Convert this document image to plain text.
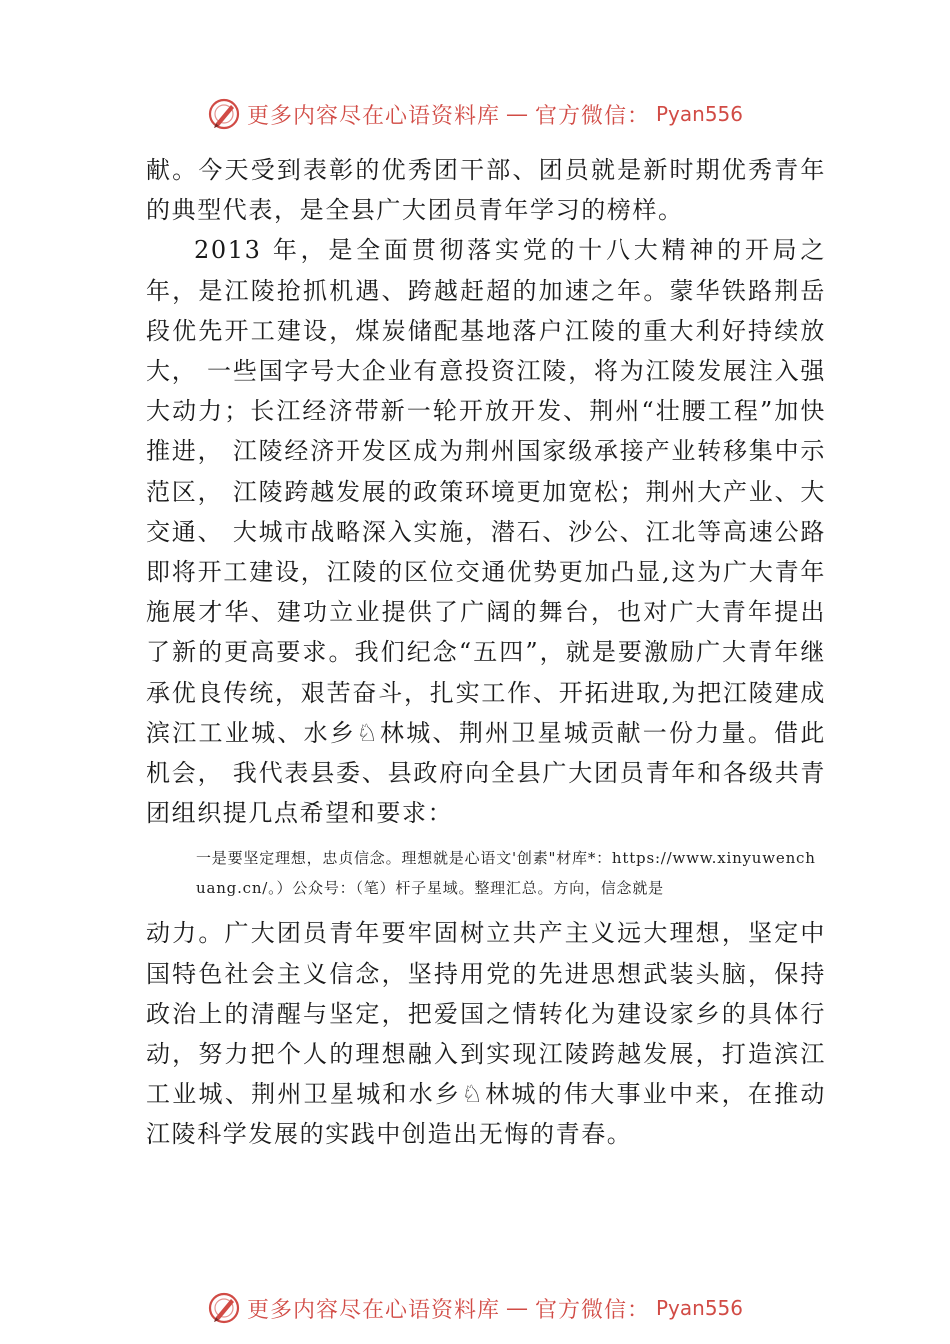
更多内容尽在心语资料库 — 官方微信： Pyan556

献。今天受到表彰的优秀团干部、团员就是新时期优秀青年的典型代表，是全县广大团员青年学习的榜样。

2013 年，是全面贯彻落实党的十八大精神的开局之年，是江陵抢抓机遇、跨越赶超的加速之年。蒙华铁路荆岳段优先开工建设，煤炭储配基地落户江陵的重大利好持续放大， 一些国字号大企业有意投资江陵，将为江陵发展注入强大动力；长江经济带新一轮开放开发、荆州“壮腰工程”加快推进， 江陵经济开发区成为荆州国家级承接产业转移集中示范区， 江陵跨越发展的政策环境更加宽松；荆州大产业、大交通、 大城市战略深入实施，潜石、沙公、江北等高速公路即将开工建设，江陵的区位交通优势更加凸显,这为广大青年施展才华、建功立业提供了广阔的舞台，也对广大青年提出了新的更高要求。我们纪念“五四”，就是要激励广大青年继承优良传统，艰苦奋斗，扎实工作、开拓进取,为把江陵建成滨江工业城、水乡♘林城、荆州卫星城贡献一份力量。借此机会， 我代表县委、县政府向全县广大团员青年和各级共青团组织提几点希望和要求：

一是要坚定理想，忠贞信念。理想就是心语文'创素"材库*：https://www.xinyuwenchuang.cn/。）公众号：（笔）杆子星域。整理汇总。方向，信念就是

动力。广大团员青年要牢固树立共产主义远大理想，坚定中国特色社会主义信念，坚持用党的先进思想武装头脑，保持政治上的清醒与坚定，把爱国之情转化为建设家乡的具体行动，努力把个人的理想融入到实现江陵跨越发展，打造滨江工业城、荆州卫星城和水乡♘林城的伟大事业中来，在推动江陵科学发展的实践中创造出无悔的青春。

更多内容尽在心语资料库 — 官方微信： Pyan556
